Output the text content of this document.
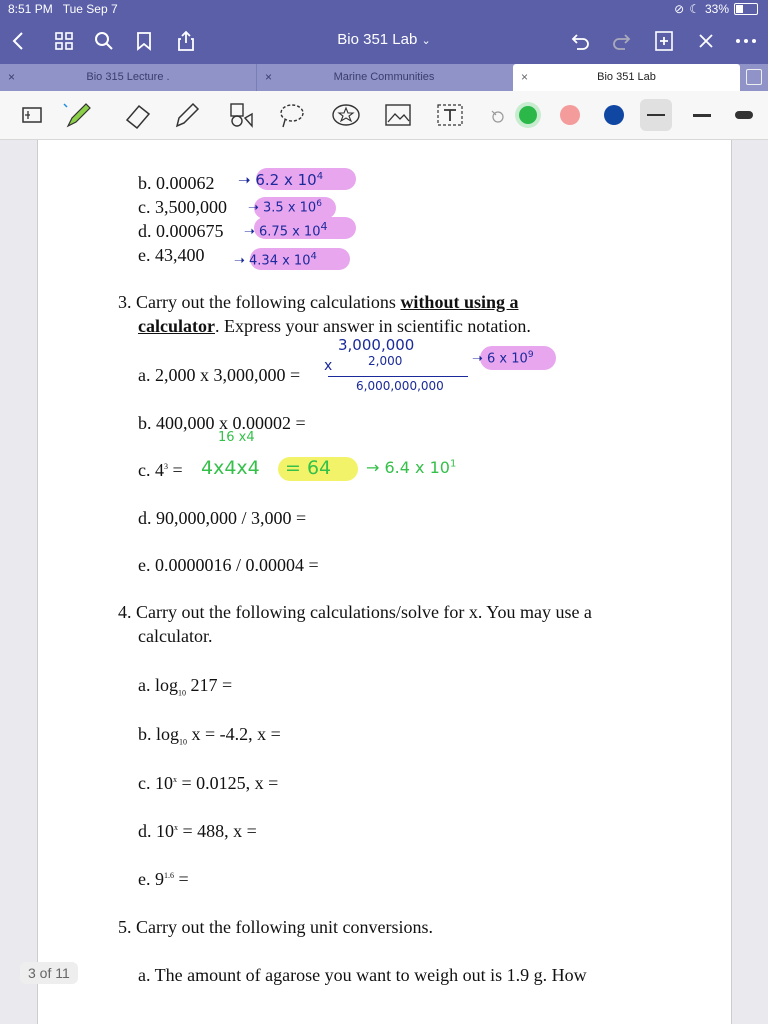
8:51 PM Tue Sep 7	⊘ ☾ 33%
Bio 351 Lab ⌄
×	Bio 315 Lecture .	×	Marine Communities	×	Bio 351 Lab
b. 0.00062 ➝ 6.2 x $10^4$
c. 3,500,000 ➝ 3.5 x $10^6$
d. 0.000675 ➝ 6.75 x $10^4$
e. 43,400 ➝ 4.34 x $10^4$
3. Carry out the following calculations without using a
calculator. Express your answer in scientific notation.
a. 2,000 x 3,000,000 =
3,000,000
2,000
x
6,000,000,000
➝ 6 x $10^9$
b. 400,000 x 0.00002 =
16 x4
c. $4^3 = 4x4x4 = 64 \to 6.4$ x $10^1$
d. 90,000,000 / 3,000 =
e. 0.0000016 / 0.00004 =
4. Carry out the following calculations/solve for x. You may use a
calculator.
a. $\log_{10} 217$ =
b. $\log_{10} x = -4.2$, x =
c. $10^x = 0.0125$, x =
d. $10^x = 488$, x =
e. $9^{1.6}$ =
5. Carry out the following unit conversions.
a. The amount of agarose you want to weigh out is 1.9 g. How
3 of 11
